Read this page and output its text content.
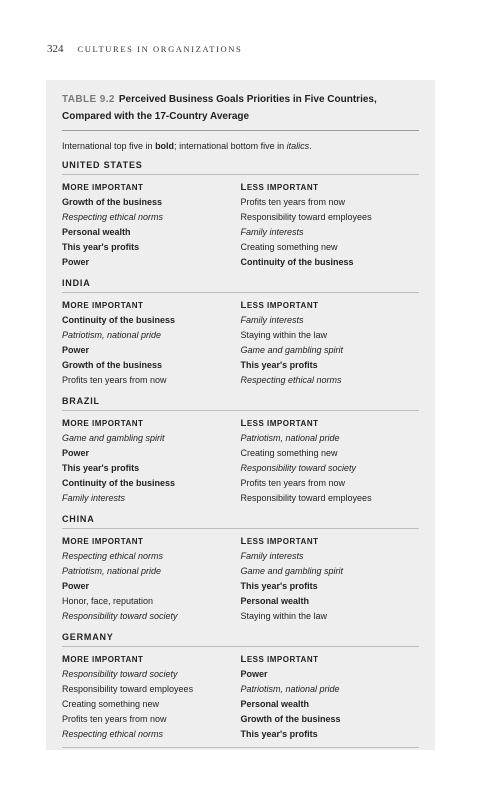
324 CULTURES IN ORGANIZATIONS
TABLE 9.2 Perceived Business Goals Priorities in Five Countries,
Compared with the 17-Country Average
International top five in bold; international bottom five in italics.
UNITED STATES
MORE IMPORTANT
Growth of the business
Respecting ethical norms
Personal wealth
This year's profits
Power
LESS IMPORTANT
Profits ten years from now
Responsibility toward employees
Family interests
Creating something new
Continuity of the business
INDIA
MORE IMPORTANT
Continuity of the business
Patriotism, national pride
Power
Growth of the business
Profits ten years from now
LESS IMPORTANT
Family interests
Staying within the law
Game and gambling spirit
This year's profits
Respecting ethical norms
BRAZIL
MORE IMPORTANT
Game and gambling spirit
Power
This year's profits
Continuity of the business
Family interests
LESS IMPORTANT
Patriotism, national pride
Creating something new
Responsibility toward society
Profits ten years from now
Responsibility toward employees
CHINA
MORE IMPORTANT
Respecting ethical norms
Patriotism, national pride
Power
Honor, face, reputation
Responsibility toward society
LESS IMPORTANT
Family interests
Game and gambling spirit
This year's profits
Personal wealth
Staying within the law
GERMANY
MORE IMPORTANT
Responsibility toward society
Responsibility toward employees
Creating something new
Profits ten years from now
Respecting ethical norms
LESS IMPORTANT
Power
Patriotism, national pride
Personal wealth
Growth of the business
This year's profits
